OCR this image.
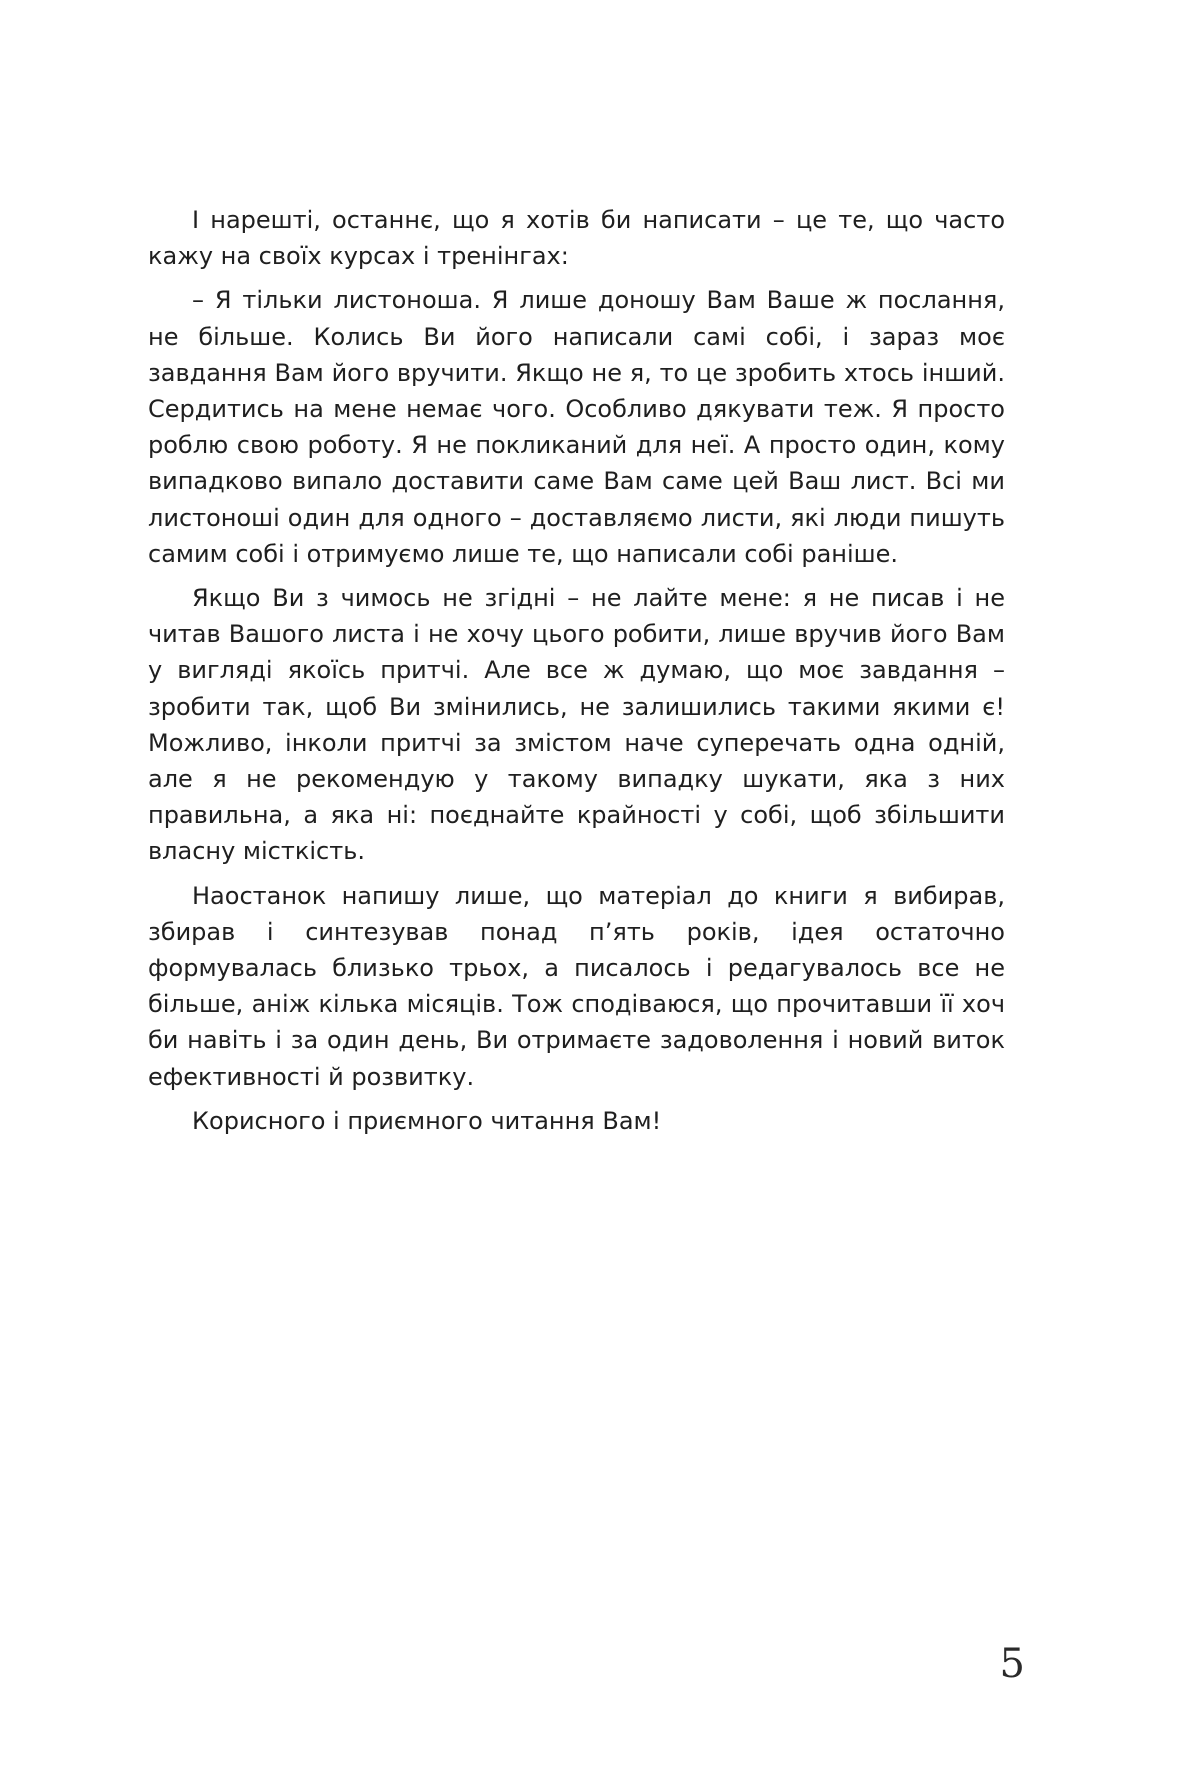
І нарешті, останнє, що я хотів би написати – це те, що часто кажу на своїх курсах і тренінгах:

– Я тільки листоноша. Я лише доношу Вам Ваше ж послання, не більше. Колись Ви його написали самі собі, і зараз моє завдання Вам його вручити. Якщо не я, то це зробить хтось інший. Сердитись на мене немає чого. Особливо дякувати теж. Я просто роблю свою роботу. Я не покликаний для неї. А просто один, кому випадково випало доставити саме Вам саме цей Ваш лист. Всі ми листоноші один для одного – доставляємо листи, які люди пишуть самим собі і отримуємо лише те, що написали собі раніше.

Якщо Ви з чимось не згідні – не лайте мене: я не писав і не читав Вашого листа і не хочу цього робити, лише вручив його Вам у вигляді якоїсь притчі. Але все ж думаю, що моє завдання – зробити так, щоб Ви змінились, не залишились такими якими є! Можливо, інколи притчі за змістом наче суперечать одна одній, але я не рекомендую у такому випадку шукати, яка з них правильна, а яка ні: поєднайте крайності у собі, щоб збільшити власну місткість.

Наостанок напишу лише, що матеріал до книги я вибирав, збирав і синтезував понад п’ять років, ідея остаточно формувалась близько трьох, а писалось і редагувалось все не більше, аніж кілька місяців. Тож сподіваюся, що прочитавши її хоч би навіть і за один день, Ви отримаєте задоволення і новий виток ефективності й розвитку.

Корисного і приємного читання Вам!

5
